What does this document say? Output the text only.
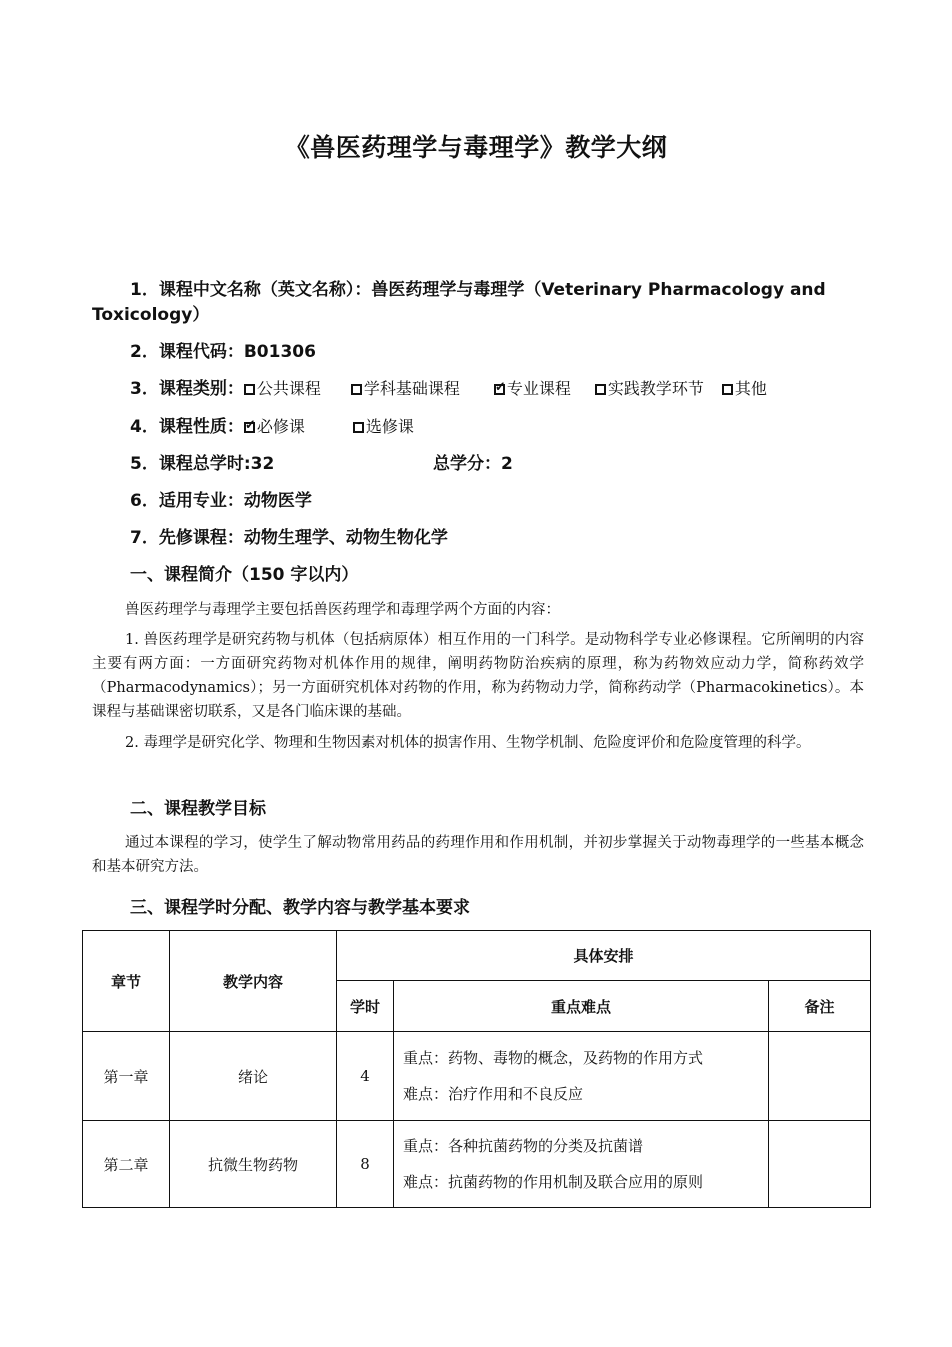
《兽医药理学与毒理学》教学大纲
1．课程中文名称（英文名称）：兽医药理学与毒理学（Veterinary Pharmacology and
Toxicology）
2．课程代码：B01306
3．课程类别： 公共课程	学科基础课程 ✓	专业课程 实践教学环节 其他
4．课程性质： ✓ 必修课	选修课
5．课程总学时:32	总学分：2
6．适用专业：动物医学
7．先修课程：动物生理学、动物生物化学
一、课程简介（150 字以内）
兽医药理学与毒理学主要包括兽医药理学和毒理学两个方面的内容：
1. 兽医药理学是研究药物与机体（包括病原体）相互作用的一门科学。是动物科学专业必修课程。它所阐明的内容主要有两方面：一方面研究药物对机体作用的规律，阐明药物防治疾病的原理，称为药物效应动力学，简称药效学（Pharmacodynamics）；另一方面研究机体对药物的作用，称为药物动力学，简称药动学（Pharmacokinetics）。本课程与基础课密切联系，又是各门临床课的基础。
2. 毒理学是研究化学、物理和生物因素对机体的损害作用、生物学机制、危险度评价和危险度管理的科学。
二、课程教学目标
通过本课程的学习，使学生了解动物常用药品的药理作用和作用机制，并初步掌握关于动物毒理学的一些基本概念和基本研究方法。
三、课程学时分配、教学内容与教学基本要求
章节	教学内容	具体安排		
		学时	重点难点	备注
第一章	绪论	4	重点：药物、毒物的概念，及药物的作用方式
难点：治疗作用和不良反应	

第二章	抗微生物药物	8	重点：各种抗菌药物的分类及抗菌谱
难点：抗菌药物的作用机制及联合应用的原则	
